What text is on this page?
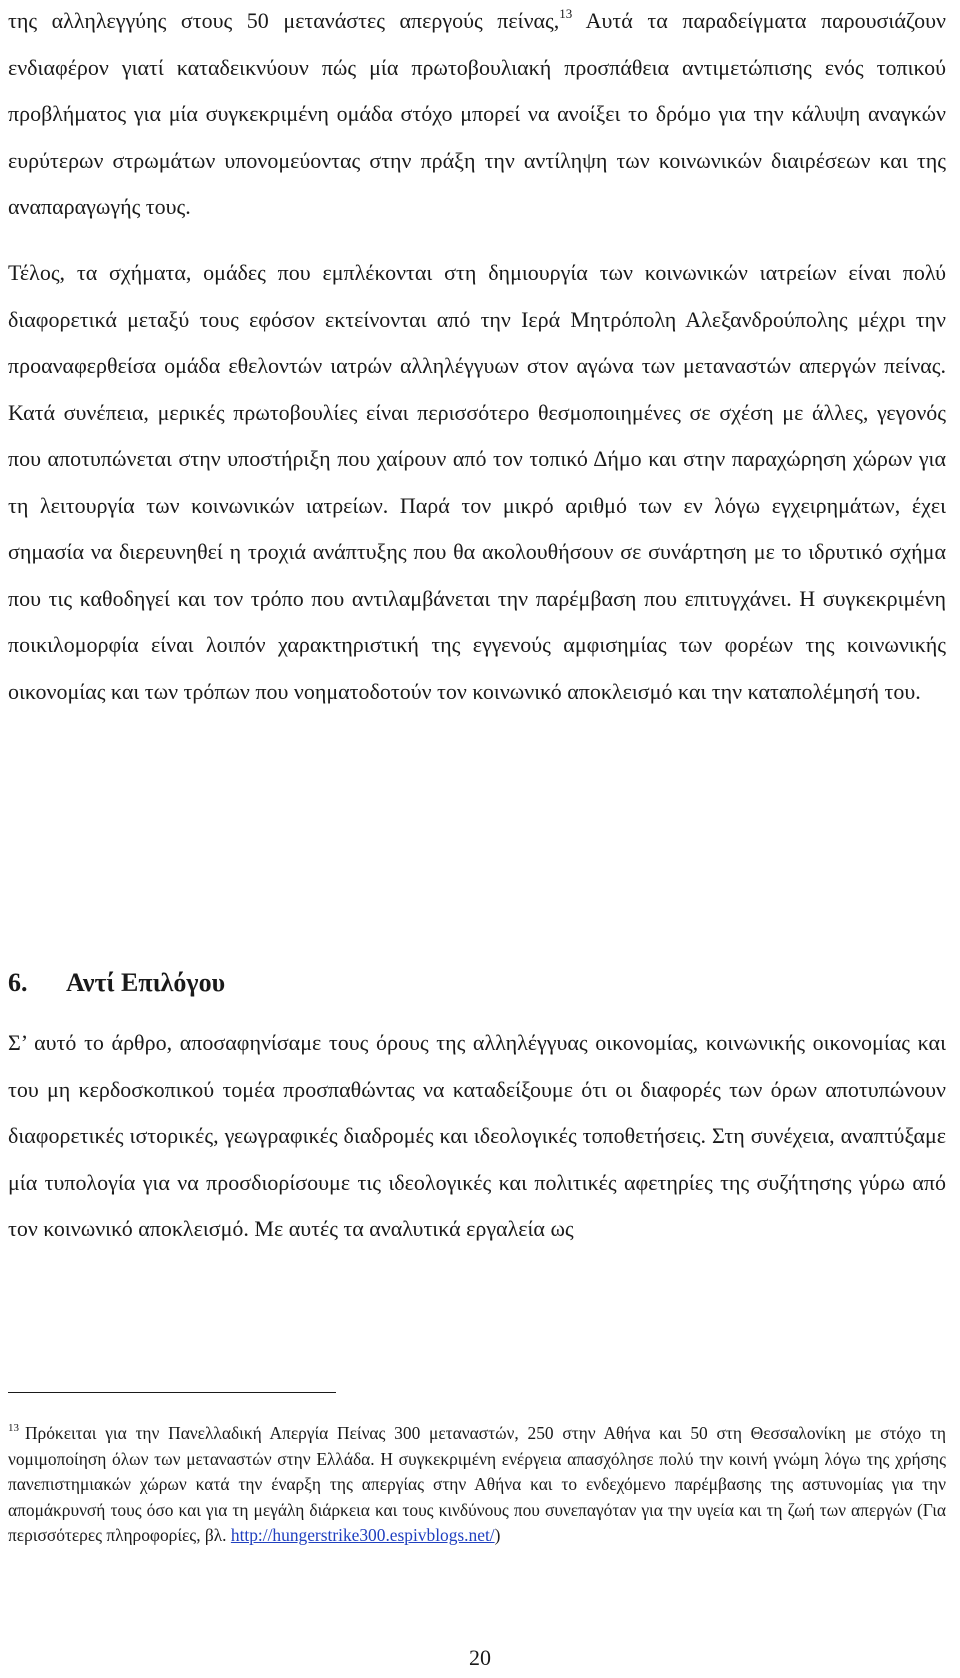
της αλληλεγγύης στους 50 μετανάστες απεργούς πείνας,$^{13}$ Αυτά τα παραδείγματα παρουσιάζουν ενδιαφέρον γιατί καταδεικνύουν πώς μία πρωτοβουλιακή προσπάθεια αντιμετώπισης ενός τοπικού προβλήματος για μία συγκεκριμένη ομάδα στόχο μπορεί να ανοίξει το δρόμο για την κάλυψη αναγκών ευρύτερων στρωμάτων υπονομεύοντας στην πράξη την αντίληψη των κοινωνικών διαιρέσεων και της αναπαραγωγής τους.

Τέλος, τα σχήματα, ομάδες που εμπλέκονται στη δημιουργία των κοινωνικών ιατρείων είναι πολύ διαφορετικά μεταξύ τους εφόσον εκτείνονται από την Ιερά Μητρόπολη Αλεξανδρούπολης μέχρι την προαναφερθείσα ομάδα εθελοντών ιατρών αλληλέγγυων στον αγώνα των μεταναστών απεργών πείνας. Κατά συνέπεια, μερικές πρωτοβουλίες είναι περισσότερο θεσμοποιημένες σε σχέση με άλλες, γεγονός που αποτυπώνεται στην υποστήριξη που χαίρουν από τον τοπικό Δήμο και στην παραχώρηση χώρων για τη λειτουργία των κοινωνικών ιατρείων. Παρά τον μικρό αριθμό των εν λόγω εγχειρημάτων, έχει σημασία να διερευνηθεί η τροχιά ανάπτυξης που θα ακολουθήσουν σε συνάρτηση με το ιδρυτικό σχήμα που τις καθοδηγεί και τον τρόπο που αντιλαμβάνεται την παρέμβαση που επιτυγχάνει. Η συγκεκριμένη ποικιλομορφία είναι λοιπόν χαρακτηριστική της εγγενούς αμφισημίας των φορέων της κοινωνικής οικονομίας και των τρόπων που νοηματοδοτούν τον κοινωνικό αποκλεισμό και την καταπολέμησή του.

6. Αντί Επιλόγου

Σ’ αυτό το άρθρο, αποσαφηνίσαμε τους όρους της αλληλέγγυας οικονομίας, κοινωνικής οικονομίας και του μη κερδοσκοπικού τομέα προσπαθώντας να καταδείξουμε ότι οι διαφορές των όρων αποτυπώνουν διαφορετικές ιστορικές, γεωγραφικές διαδρομές και ιδεολογικές τοποθετήσεις. Στη συνέχεια, αναπτύξαμε μία τυπολογία για να προσδιορίσουμε τις ιδεολογικές και πολιτικές αφετηρίες της συζήτησης γύρω από τον κοινωνικό αποκλεισμό. Με αυτές τα αναλυτικά εργαλεία ως

$^{13}$ Πρόκειται για την Πανελλαδική Απεργία Πείνας 300 μεταναστών, 250 στην Αθήνα και 50 στη Θεσσαλονίκη με στόχο τη νομιμοποίηση όλων των μεταναστών στην Ελλάδα. Η συγκεκριμένη ενέργεια απασχόλησε πολύ την κοινή γνώμη λόγω της χρήσης πανεπιστημιακών χώρων κατά την έναρξη της απεργίας στην Αθήνα και το ενδεχόμενο παρέμβασης της αστυνομίας για την απομάκρυνσή τους όσο και για τη μεγάλη διάρκεια και τους κινδύνους που συνεπαγόταν για την υγεία και τη ζωή των απεργών (Για περισσότερες πληροφορίες, βλ. http://hungerstrike300.espivblogs.net/)

20
